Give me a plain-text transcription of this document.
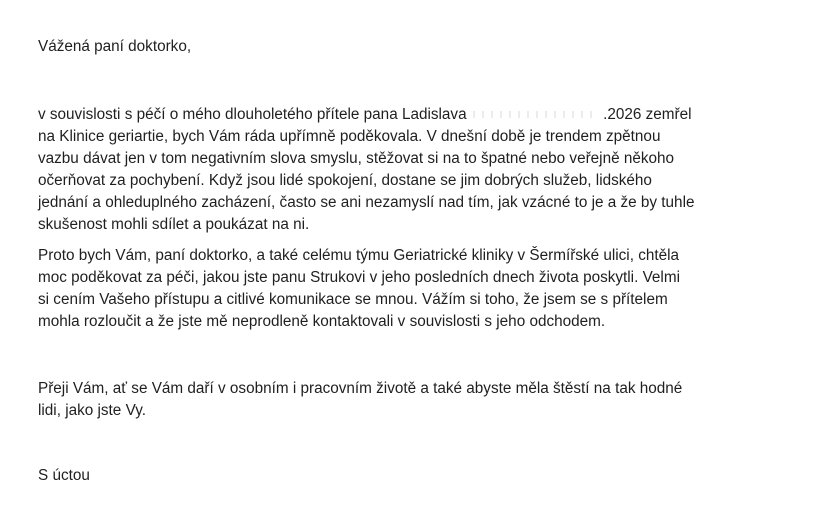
Vážená paní doktorko,
v souvislosti s péčí o mého dlouholetého přítele pana Ladislava	.2026 zemřel
na Klinice geriartie, bych Vám ráda upřímně poděkovala. V dnešní době je trendem zpětnou
vazbu dávat jen v tom negativním slova smyslu, stěžovat si na to špatné nebo veřejně někoho
očerňovat za pochybení. Když jsou lidé spokojení, dostane se jim dobrých služeb, lidského
jednání a ohleduplného zacházení, často se ani nezamyslí nad tím, jak vzácné to je a že by tuhle
skušenost mohli sdílet a poukázat na ni.
Proto bych Vám, paní doktorko, a také celému týmu Geriatrické kliniky v Šermířské ulici, chtěla
moc poděkovat za péči, jakou jste panu Strukovi v jeho posledních dnech života poskytli. Velmi
si cením Vašeho přístupu a citlivé komunikace se mnou. Vážím si toho, že jsem se s přítelem
mohla rozloučit a že jste mě neprodleně kontaktovali v souvislosti s jeho odchodem.
Přeji Vám, ať se Vám daří v osobním i pracovním životě a také abyste měla štěstí na tak hodné
lidi, jako jste Vy.
S úctou
